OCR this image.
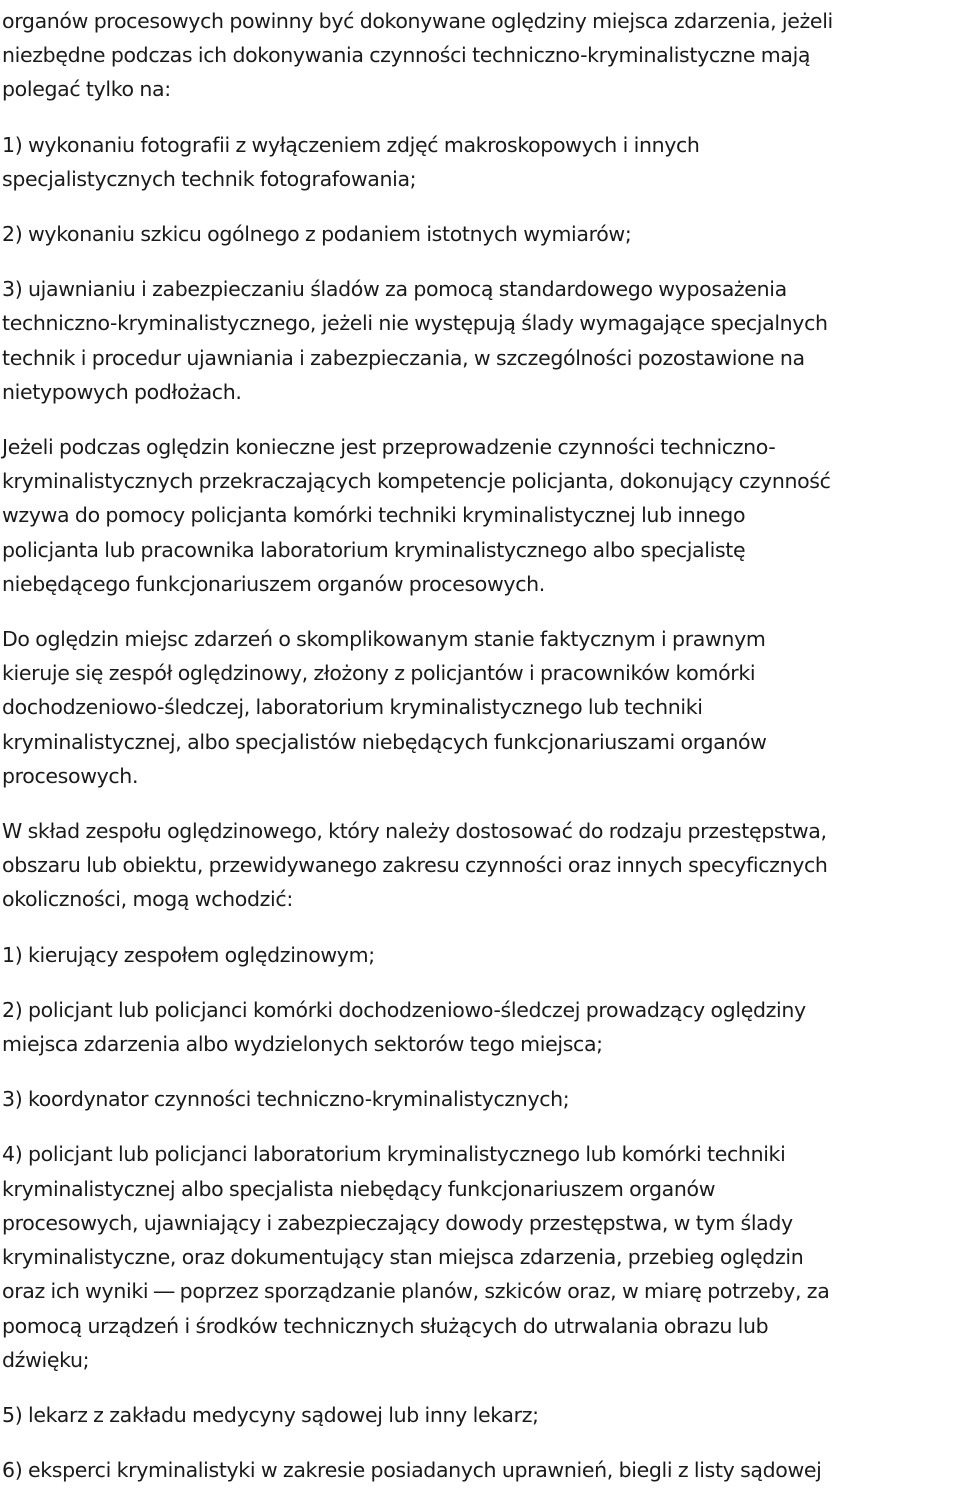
organów procesowych powinny być dokonywane oględziny miejsca zdarzenia, jeżeli
niezbędne podczas ich dokonywania czynności techniczno-kryminalistyczne mają
polegać tylko na:

1) wykonaniu fotografii z wyłączeniem zdjęć makroskopowych i innych
specjalistycznych technik fotografowania;

2) wykonaniu szkicu ogólnego z podaniem istotnych wymiarów;

3) ujawnianiu i zabezpieczaniu śladów za pomocą standardowego wyposażenia
techniczno-kryminalistycznego, jeżeli nie występują ślady wymagające specjalnych
technik i procedur ujawniania i zabezpieczania, w szczególności pozostawione na
nietypowych podłożach.

Jeżeli podczas oględzin konieczne jest przeprowadzenie czynności techniczno-
kryminalistycznych przekraczających kompetencje policjanta, dokonujący czynność
wzywa do pomocy policjanta komórki techniki kryminalistycznej lub innego
policjanta lub pracownika laboratorium kryminalistycznego albo specjalistę
niebędącego funkcjonariuszem organów procesowych.

Do oględzin miejsc zdarzeń o skomplikowanym stanie faktycznym i prawnym
kieruje się zespół oględzinowy, złożony z policjantów i pracowników komórki
dochodzeniowo-śledczej, laboratorium kryminalistycznego lub techniki
kryminalistycznej, albo specjalistów niebędących funkcjonariuszami organów
procesowych.

W skład zespołu oględzinowego, który należy dostosować do rodzaju przestępstwa,
obszaru lub obiektu, przewidywanego zakresu czynności oraz innych specyficznych
okoliczności, mogą wchodzić:

1) kierujący zespołem oględzinowym;

2) policjant lub policjanci komórki dochodzeniowo-śledczej prowadzący oględziny
miejsca zdarzenia albo wydzielonych sektorów tego miejsca;

3) koordynator czynności techniczno-kryminalistycznych;

4) policjant lub policjanci laboratorium kryminalistycznego lub komórki techniki
kryminalistycznej albo specjalista niebędący funkcjonariuszem organów
procesowych, ujawniający i zabezpieczający dowody przestępstwa, w tym ślady
kryminalistyczne, oraz dokumentujący stan miejsca zdarzenia, przebieg oględzin
oraz ich wyniki ― poprzez sporządzanie planów, szkiców oraz, w miarę potrzeby, za
pomocą urządzeń i środków technicznych służących do utrwalania obrazu lub
dźwięku;

5) lekarz z zakładu medycyny sądowej lub inny lekarz;

6) eksperci kryminalistyki w zakresie posiadanych uprawnień, biegli z listy sądowej
